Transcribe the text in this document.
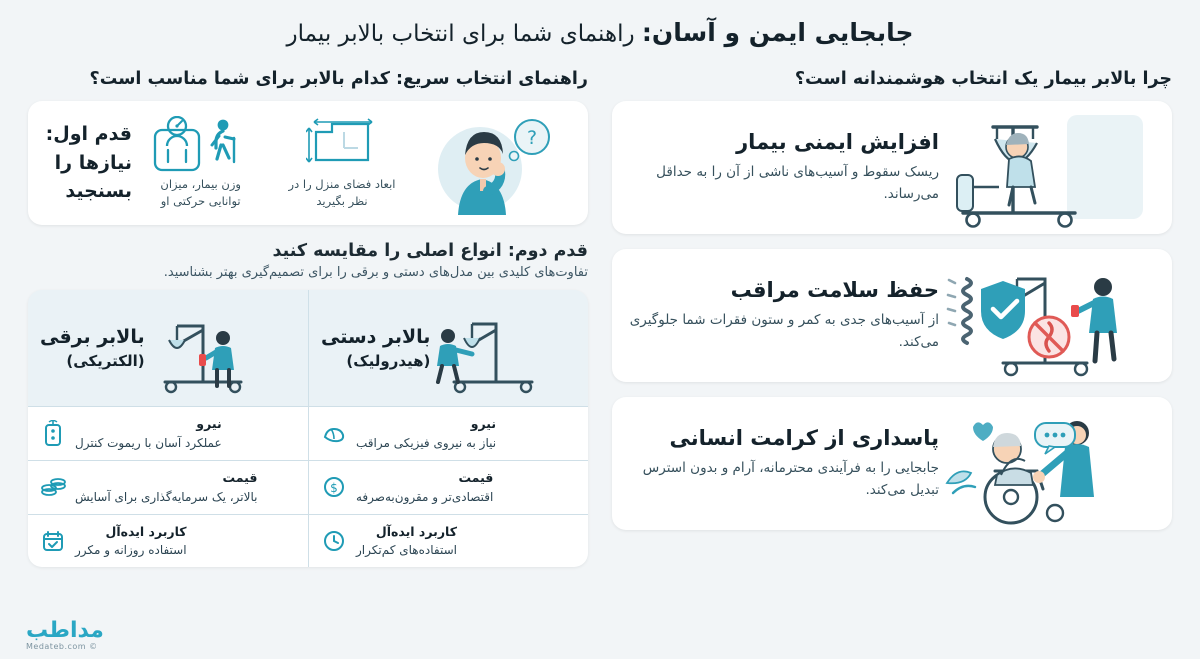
جابجایی ایمن و آسان: راهنمای شما برای انتخاب بالابر بیمار
راهنمای انتخاب سریع: کدام بالابر برای شما مناسب است؟
قدم اول: نیازها را بسنجید	وزن بیمار، میزان توانایی حرکتی او
ابعاد فضای منزل را در نظر بگیرید
?
قدم دوم: انواع اصلی را مقایسه کنید
تفاوت‌های کلیدی بین مدل‌های دستی و برقی را برای تصمیم‌گیری بهتر بشناسید.
بالابر برقی
(الکتریکی)
بالابر دستی
(هیدرولیک)
نیرو
عملکرد آسان با ریموت کنترل
نیرو
نیاز به نیروی فیزیکی مراقب
قیمت
بالاتر، یک سرمایه‌گذاری برای آسایش
$
قیمت
اقتصادی‌تر و مقرون‌به‌صرفه
کاربرد ایده‌آل
استفاده روزانه و مکرر
کاربرد ایده‌آل
استفاده‌های کم‌تکرار
چرا بالابر بیمار یک انتخاب هوشمندانه است؟
افزایش ایمنی بیمار
ریسک سقوط و آسیب‌های ناشی از آن را به حداقل می‌رساند.
حفظ سلامت مراقب
از آسیب‌های جدی به کمر و ستون فقرات شما جلوگیری می‌کند.
پاسداری از کرامت انسانی
جابجایی را به فرآیندی محترمانه، آرام و بدون استرس تبدیل می‌کند.
مداطب
© Medateb.com
